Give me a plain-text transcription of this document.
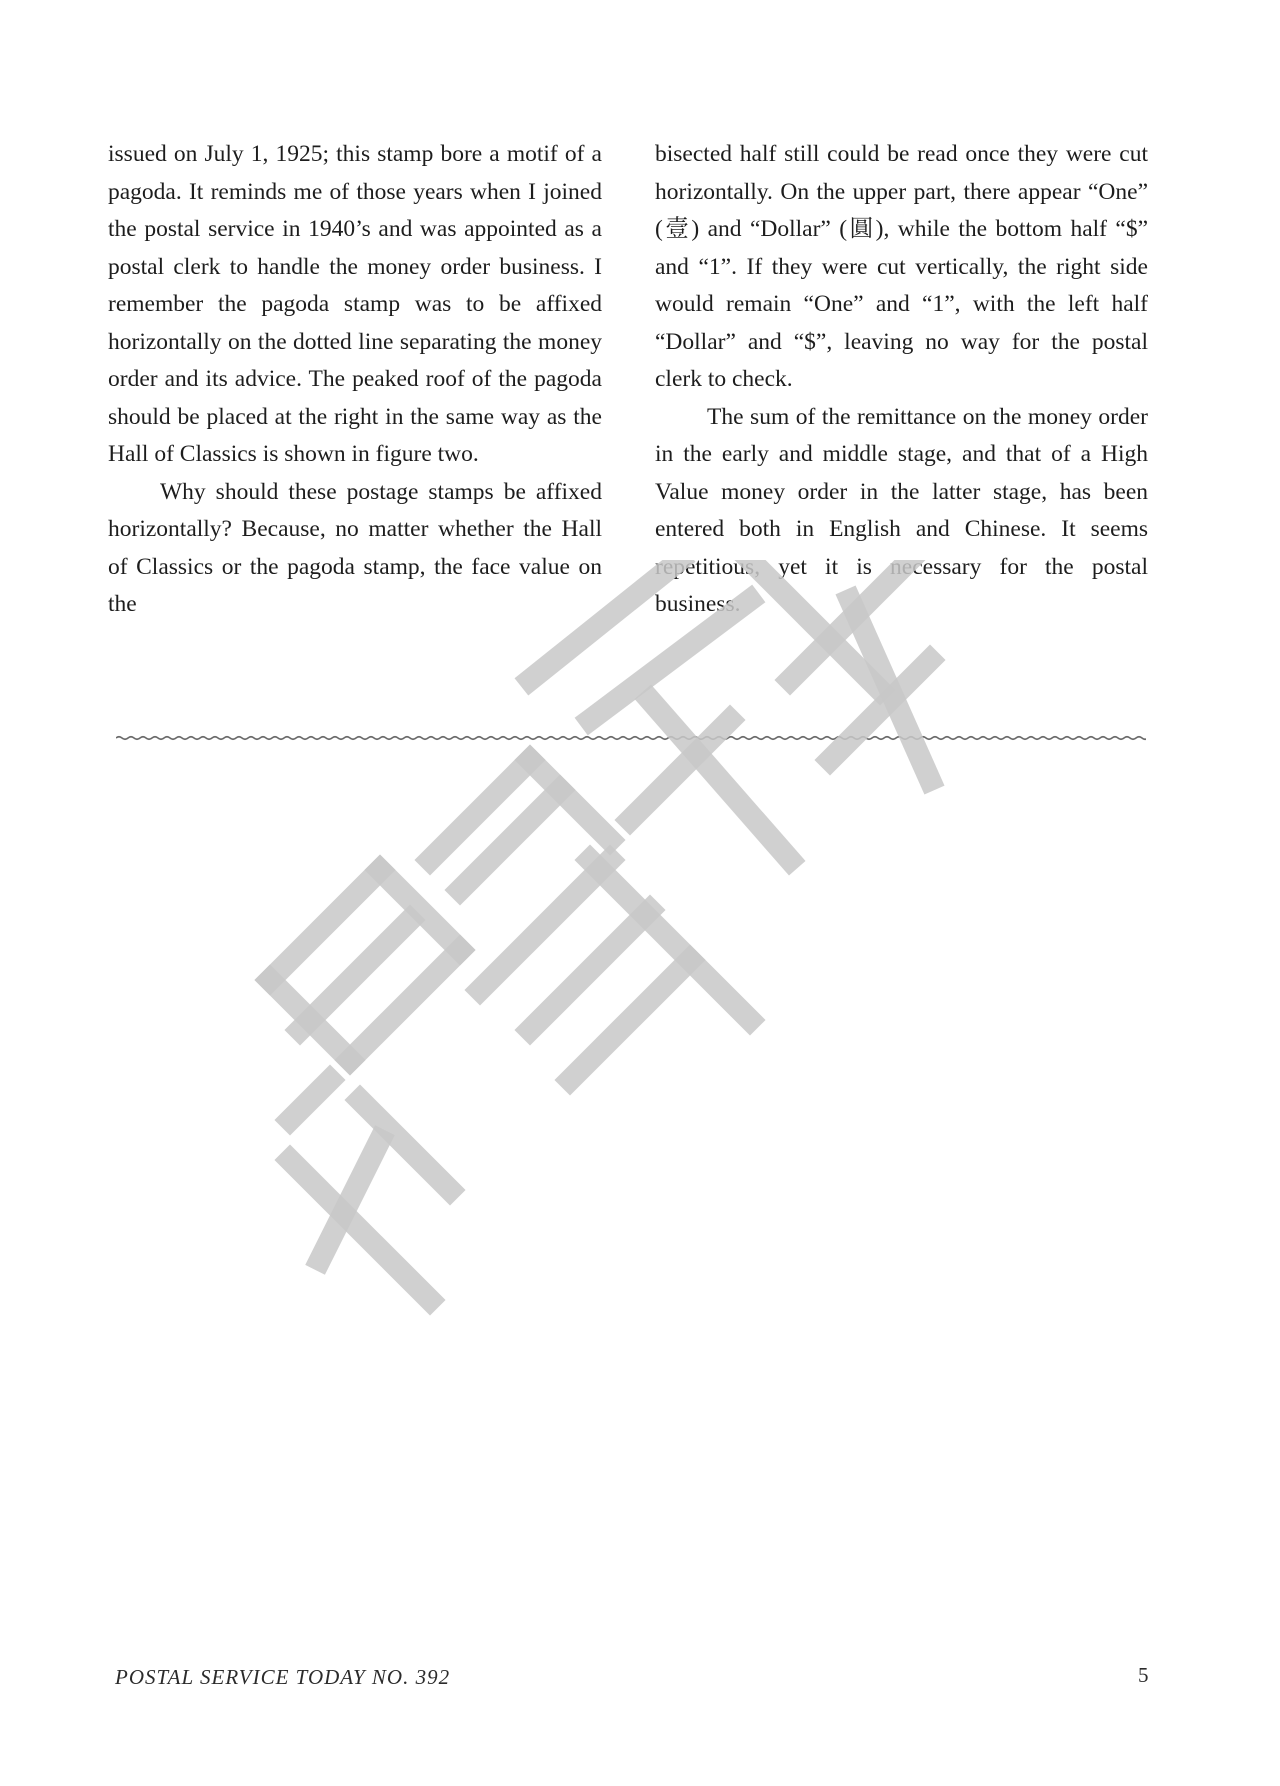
issued on July 1, 1925; this stamp bore a motif of a pagoda. It reminds me of those years when I joined the postal service in 1940’s and was appointed as a postal clerk to handle the money order business. I remember the pagoda stamp was to be affixed horizontally on the dotted line separating the money order and its advice. The peaked roof of the pagoda should be placed at the right in the same way as the Hall of Classics is shown in figure two.

Why should these postage stamps be affixed horizontally? Because, no matter whether the Hall of Classics or the pagoda stamp, the face value on the

bisected half still could be read once they were cut horizontally. On the upper part, there appear “One” (壹) and “Dollar” (圓), while the bottom half “$” and “1”. If they were cut vertically, the right side would remain “One” and “1”, with the left half “Dollar” and “$”, leaving no way for the postal clerk to check.

The sum of the remittance on the money order in the early and middle stage, and that of a High Value money order in the latter stage, has been entered both in English and Chinese. It seems repetitious, yet it is necessary for the postal business.

POSTAL SERVICE TODAY NO. 392	5
